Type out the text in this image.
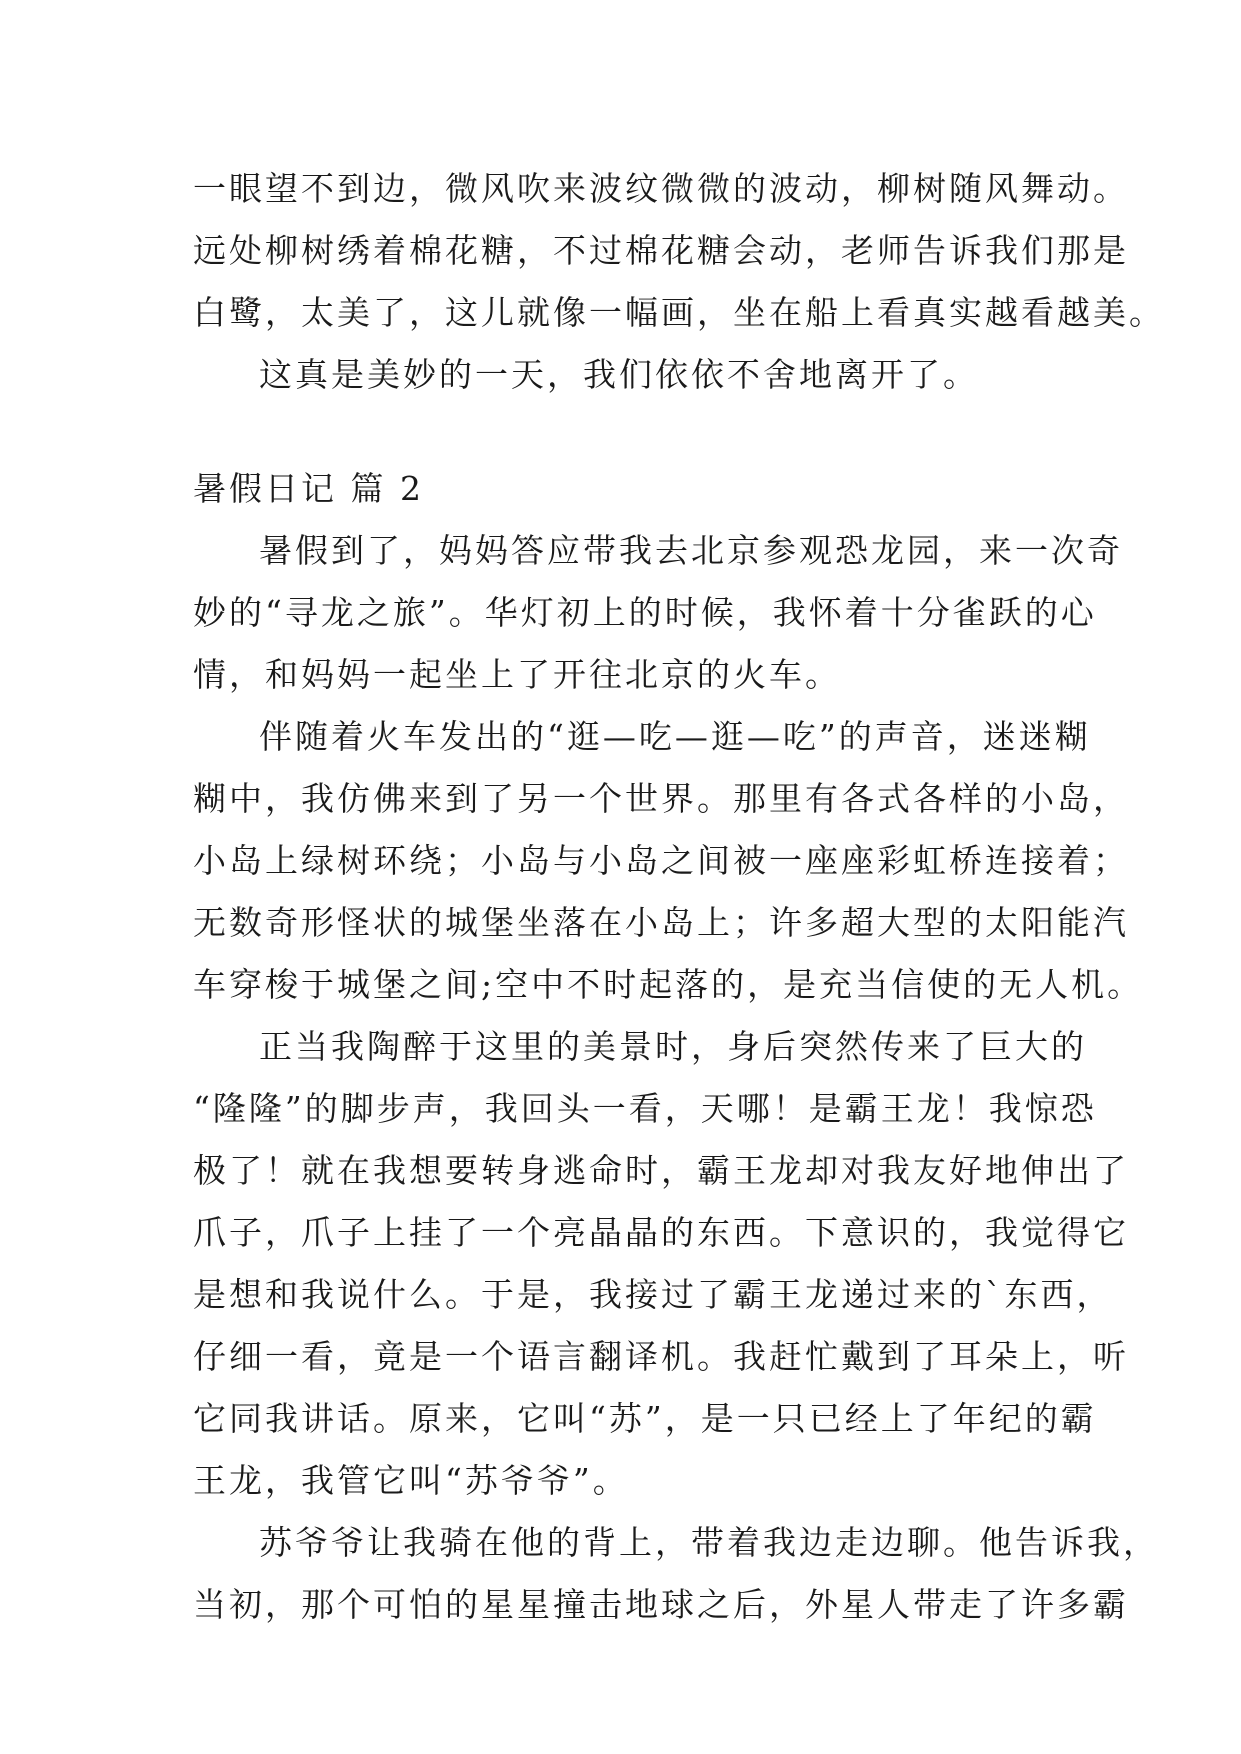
一眼望不到边，微风吹来波纹微微的波动，柳树随风舞动。
远处柳树绣着棉花糖，不过棉花糖会动，老师告诉我们那是
白鹭，太美了，这儿就像一幅画，坐在船上看真实越看越美。
这真是美妙的一天，我们依依不舍地离开了。
暑假日记 篇 2
暑假到了，妈妈答应带我去北京参观恐龙园，来一次奇
妙的“寻龙之旅”。华灯初上的时候，我怀着十分雀跃的心
情，和妈妈一起坐上了开往北京的火车。
伴随着火车发出的“逛—吃—逛—吃”的声音，迷迷糊
糊中，我仿佛来到了另一个世界。那里有各式各样的小岛，
小岛上绿树环绕；小岛与小岛之间被一座座彩虹桥连接着；
无数奇形怪状的城堡坐落在小岛上；许多超大型的太阳能汽
车穿梭于城堡之间;空中不时起落的，是充当信使的无人机。
正当我陶醉于这里的美景时，身后突然传来了巨大的
“隆隆”的脚步声，我回头一看，天哪！是霸王龙！我惊恐
极了！就在我想要转身逃命时，霸王龙却对我友好地伸出了
爪子，爪子上挂了一个亮晶晶的东西。下意识的，我觉得它
是想和我说什么。于是，我接过了霸王龙递过来的`东西，
仔细一看，竟是一个语言翻译机。我赶忙戴到了耳朵上，听
它同我讲话。原来，它叫“苏”，是一只已经上了年纪的霸
王龙，我管它叫“苏爷爷”。
苏爷爷让我骑在他的背上，带着我边走边聊。他告诉我，
当初，那个可怕的星星撞击地球之后，外星人带走了许多霸
